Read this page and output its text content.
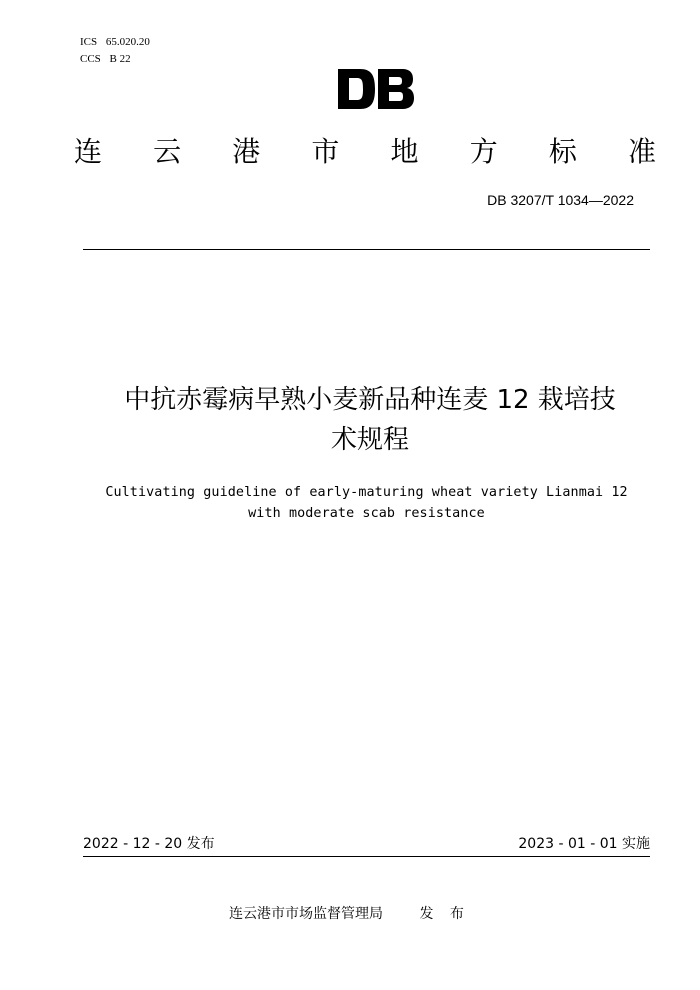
ICS 65.020.20
CCS B 22
连 云 港 市 地 方 标 准
DB 3207/T 1034—2022
中抗赤霉病早熟小麦新品种连麦 12 栽培技
术规程
Cultivating guideline of early-maturing wheat variety Lianmai 12
with moderate scab resistance
2022 - 12 - 20 发布	2023 - 01 - 01 实施
连云港市市场监督管理局	发 布
